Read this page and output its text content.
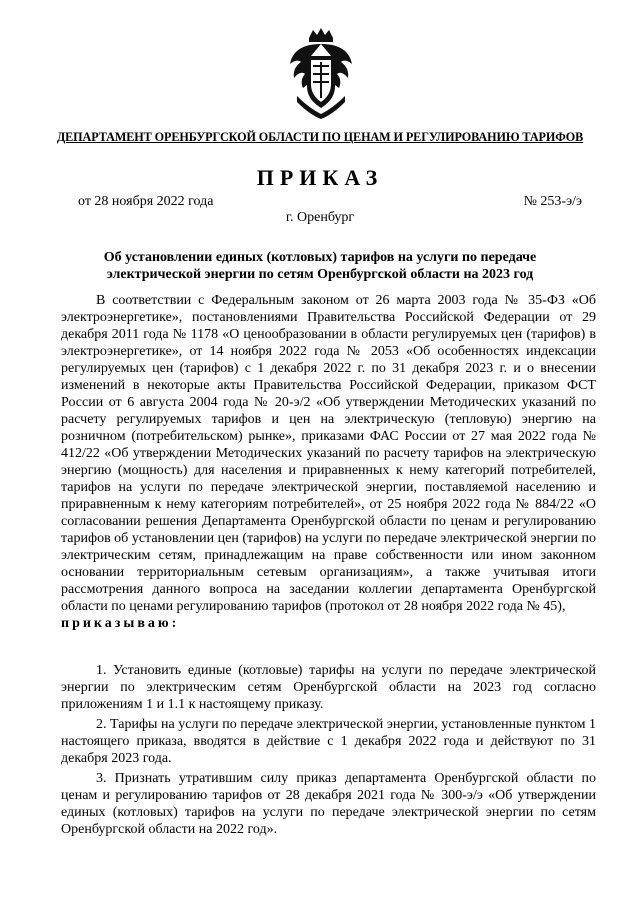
ДЕПАРТАМЕНТ ОРЕНБУРГСКОЙ ОБЛАСТИ ПО ЦЕНАМ И РЕГУЛИРОВАНИЮ ТАРИФОВ
ПРИКАЗ
от 28 ноября 2022 года	№ 253-э/э
г. Оренбург
Об установлении единых (котловых) тарифов на услуги по передаче электрической энергии по сетям Оренбургской области на 2023 год

В соответствии с Федеральным законом от 26 марта 2003 года № 35-ФЗ «Об электроэнергетике», постановлениями Правительства Российской Федерации от 29 декабря 2011 года № 1178 «О ценообразовании в области регулируемых цен (тарифов) в электроэнергетике», от 14 ноября 2022 года № 2053 «Об особенностях индексации регулируемых цен (тарифов) с 1 декабря 2022 г. по 31 декабря 2023 г. и о внесении изменений в некоторые акты Правительства Российской Федерации, приказом ФСТ России от 6 августа 2004 года № 20-э/2 «Об утверждении Методических указаний по расчету регулируемых тарифов и цен на электрическую (тепловую) энергию на розничном (потребительском) рынке», приказами ФАС России от 27 мая 2022 года № 412/22 «Об утверждении Методических указаний по расчету тарифов на электрическую энергию (мощность) для населения и приравненных к нему категорий потребителей, тарифов на услуги по передаче электрической энергии, поставляемой населению и приравненным к нему категориям потребителей», от 25 ноября 2022 года № 884/22 «О согласовании решения Департамента Оренбургской области по ценам и регулированию тарифов об установлении цен (тарифов) на услуги по передаче электрической энергии по электрическим сетям, принадлежащим на праве собственности или ином законном основании территориальным сетевым организациям», а также учитывая итоги рассмотрения данного вопроса на заседании коллегии департамента Оренбургской области по ценами регулированию тарифов (протокол от 28 ноября 2022 года № 45),

приказываю:

1. Установить единые (котловые) тарифы на услуги по передаче электрической энергии по электрическим сетям Оренбургской области на 2023 год согласно приложениям 1 и 1.1 к настоящему приказу.

2. Тарифы на услуги по передаче электрической энергии, установленные пунктом 1 настоящего приказа, вводятся в действие с 1 декабря 2022 года и действуют по 31 декабря 2023 года.

3. Признать утратившим силу приказ департамента Оренбургской области по ценам и регулированию тарифов от 28 декабря 2021 года № 300-э/э «Об утверждении единых (котловых) тарифов на услуги по передаче электрической энергии по сетям Оренбургской области на 2022 год».
